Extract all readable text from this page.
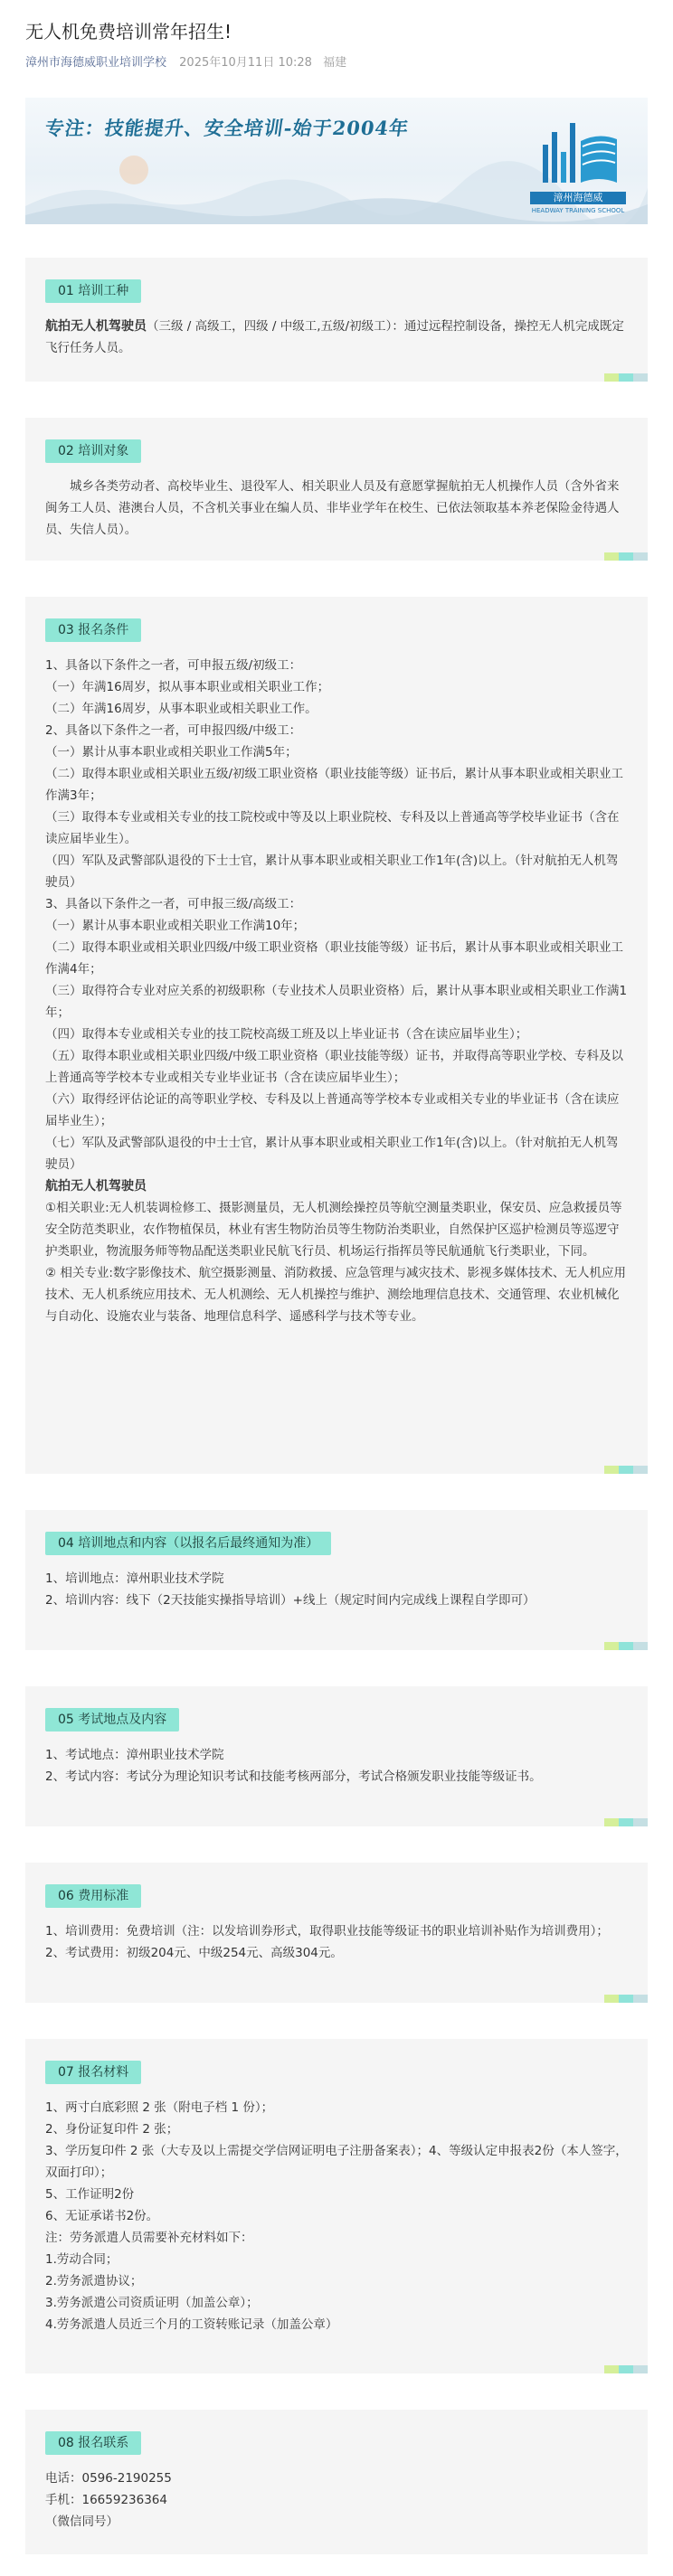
无人机免费培训常年招生!
漳州市海德威职业培训学校 2025年10月11日 10:28 福建
专注：技能提升、安全培训-始于2004年
漳州海德威
HEADWAY TRAINING SCHOOL
01 培训工种

航拍无人机驾驶员（三级 / 高级工，四级 / 中级工,五级/初级工）：通过远程控制设备，操控无人机完成既定飞行任务人员。

02 培训对象

城乡各类劳动者、高校毕业生、退役军人、相关职业人员及有意愿掌握航拍无人机操作人员（含外省来闽务工人员、港澳台人员，不含机关事业在编人员、非毕业学年在校生、已依法领取基本养老保险金待遇人员、失信人员）。

03 报名条件

1、具备以下条件之一者，可申报五级/初级工：

（一）年满16周岁，拟从事本职业或相关职业工作；

（二）年满16周岁，从事本职业或相关职业工作。

2、具备以下条件之一者，可申报四级/中级工：

（一）累计从事本职业或相关职业工作满5年；

（二）取得本职业或相关职业五级/初级工职业资格（职业技能等级）证书后，累计从事本职业或相关职业工作满3年；

（三）取得本专业或相关专业的技工院校或中等及以上职业院校、专科及以上普通高等学校毕业证书（含在读应届毕业生）。

（四）军队及武警部队退役的下士士官，累计从事本职业或相关职业工作1年(含)以上。（针对航拍无人机驾驶员）

3、具备以下条件之一者，可申报三级/高级工：

（一）累计从事本职业或相关职业工作满10年；

（二）取得本职业或相关职业四级/中级工职业资格（职业技能等级）证书后，累计从事本职业或相关职业工作满4年；

（三）取得符合专业对应关系的初级职称（专业技术人员职业资格）后，累计从事本职业或相关职业工作满1年；

（四）取得本专业或相关专业的技工院校高级工班及以上毕业证书（含在读应届毕业生）；

（五）取得本职业或相关职业四级/中级工职业资格（职业技能等级）证书，并取得高等职业学校、专科及以上普通高等学校本专业或相关专业毕业证书（含在读应届毕业生）；

（六）取得经评估论证的高等职业学校、专科及以上普通高等学校本专业或相关专业的毕业证书（含在读应届毕业生）；

（七）军队及武警部队退役的中士士官，累计从事本职业或相关职业工作1年(含)以上。（针对航拍无人机驾驶员）

航拍无人机驾驶员

①相关职业:无人机装调检修工、摄影测量员，无人机测绘操控员等航空测量类职业，保安员、应急救援员等安全防范类职业，农作物植保员，林业有害生物防治员等生物防治类职业，自然保护区巡护检测员等巡逻守护类职业，物流服务师等物品配送类职业民航飞行员、机场运行指挥员等民航通航飞行类职业，下同。

② 相关专业:数字影像技术、航空摄影测量、消防救援、应急管理与减灾技术、影视多媒体技术、无人机应用技术、无人机系统应用技术、无人机测绘、无人机操控与维护、测绘地理信息技术、交通管理、农业机械化与自动化、设施农业与装备、地理信息科学、遥感科学与技术等专业。

04 培训地点和内容（以报名后最终通知为准）

1、培训地点：漳州职业技术学院

2、培训内容：线下（2天技能实操指导培训）+线上（规定时间内完成线上课程自学即可）

05 考试地点及内容

1、考试地点：漳州职业技术学院

2、考试内容：考试分为理论知识考试和技能考核两部分，考试合格颁发职业技能等级证书。

06 费用标准

1、培训费用：免费培训（注：以发培训券形式，取得职业技能等级证书的职业培训补贴作为培训费用）；

2、考试费用：初级204元、中级254元、高级304元。

07 报名材料

1、两寸白底彩照 2 张（附电子档 1 份）；

2、身份证复印件 2 张；

3、学历复印件 2 张（大专及以上需提交学信网证明电子注册备案表）；4、等级认定申报表2份（本人签字，双面打印）；

5、工作证明2份

6、无证承诺书2份。

注：劳务派遣人员需要补充材料如下：

1.劳动合同；

2.劳务派遣协议；

3.劳务派遣公司资质证明（加盖公章）；

4.劳务派遣人员近三个月的工资转账记录（加盖公章）

08 报名联系

电话：0596-2190255

手机：16659236364

（微信同号）
